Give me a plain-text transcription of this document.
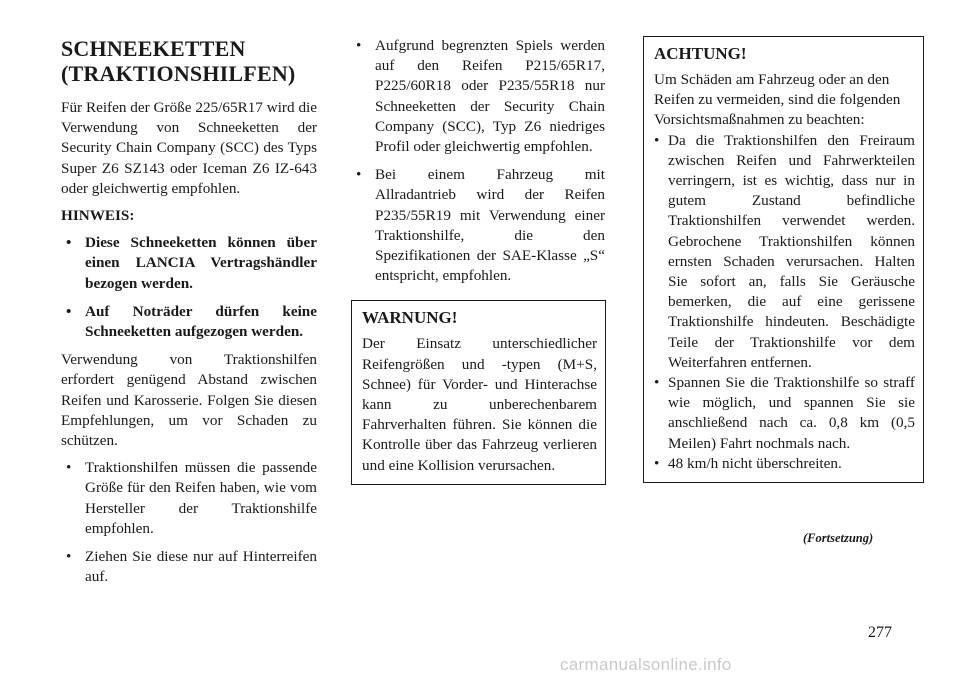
SCHNEEKETTEN
(TRAKTIONSHILFEN)

Für Reifen der Größe 225/65R17 wird die Verwendung von Schneeketten der Security Chain Company (SCC) des Typs Super Z6 SZ143 oder Iceman Z6 IZ-643 oder gleichwertig empfohlen.

HINWEIS:
• Diese Schneeketten können über einen LANCIA Vertragshändler bezogen werden.
• Auf Noträder dürfen keine Schneeketten aufgezogen werden.

Verwendung von Traktionshilfen erfordert genügend Abstand zwischen Reifen und Karosserie. Folgen Sie diesen Empfehlungen, um vor Schaden zu schützen.

• Traktionshilfen müssen die passende Größe für den Reifen haben, wie vom Hersteller der Traktionshilfe empfohlen.
• Ziehen Sie diese nur auf Hinterreifen auf.
• Aufgrund begrenzten Spiels werden auf den Reifen P215/65R17, P225/60R18 oder P235/55R18 nur Schneeketten der Security Chain Company (SCC), Typ Z6 niedriges Profil oder gleichwertig empfohlen.
• Bei einem Fahrzeug mit Allradantrieb wird der Reifen P235/55R19 mit Verwendung einer Traktionshilfe, die den Spezifikationen der SAE-Klasse „S“ entspricht, empfohlen.
WARNUNG!

Der Einsatz unterschiedlicher Reifengrößen und -typen (M+S, Schnee) für Vorder- und Hinterachse kann zu unberechenbarem Fahrverhalten führen. Sie können die Kontrolle über das Fahrzeug verlieren und eine Kollision verursachen.

ACHTUNG!

Um Schäden am Fahrzeug oder an den Reifen zu vermeiden, sind die folgenden Vorsichtsmaßnahmen zu beachten:

• Da die Traktionshilfen den Freiraum zwischen Reifen und Fahrwerkteilen verringern, ist es wichtig, dass nur in gutem Zustand befindliche Traktionshilfen verwendet werden. Gebrochene Traktionshilfen können ernsten Schaden verursachen. Halten Sie sofort an, falls Sie Geräusche bemerken, die auf eine gerissene Traktionshilfe hindeuten. Beschädigte Teile der Traktionshilfe vor dem Weiterfahren entfernen.
• Spannen Sie die Traktionshilfe so straff wie möglich, und spannen Sie sie anschließend nach ca. 0,8 km (0,5 Meilen) Fahrt nochmals nach.
• 48 km/h nicht überschreiten.
(Fortsetzung)
277
carmanualsonline.info
